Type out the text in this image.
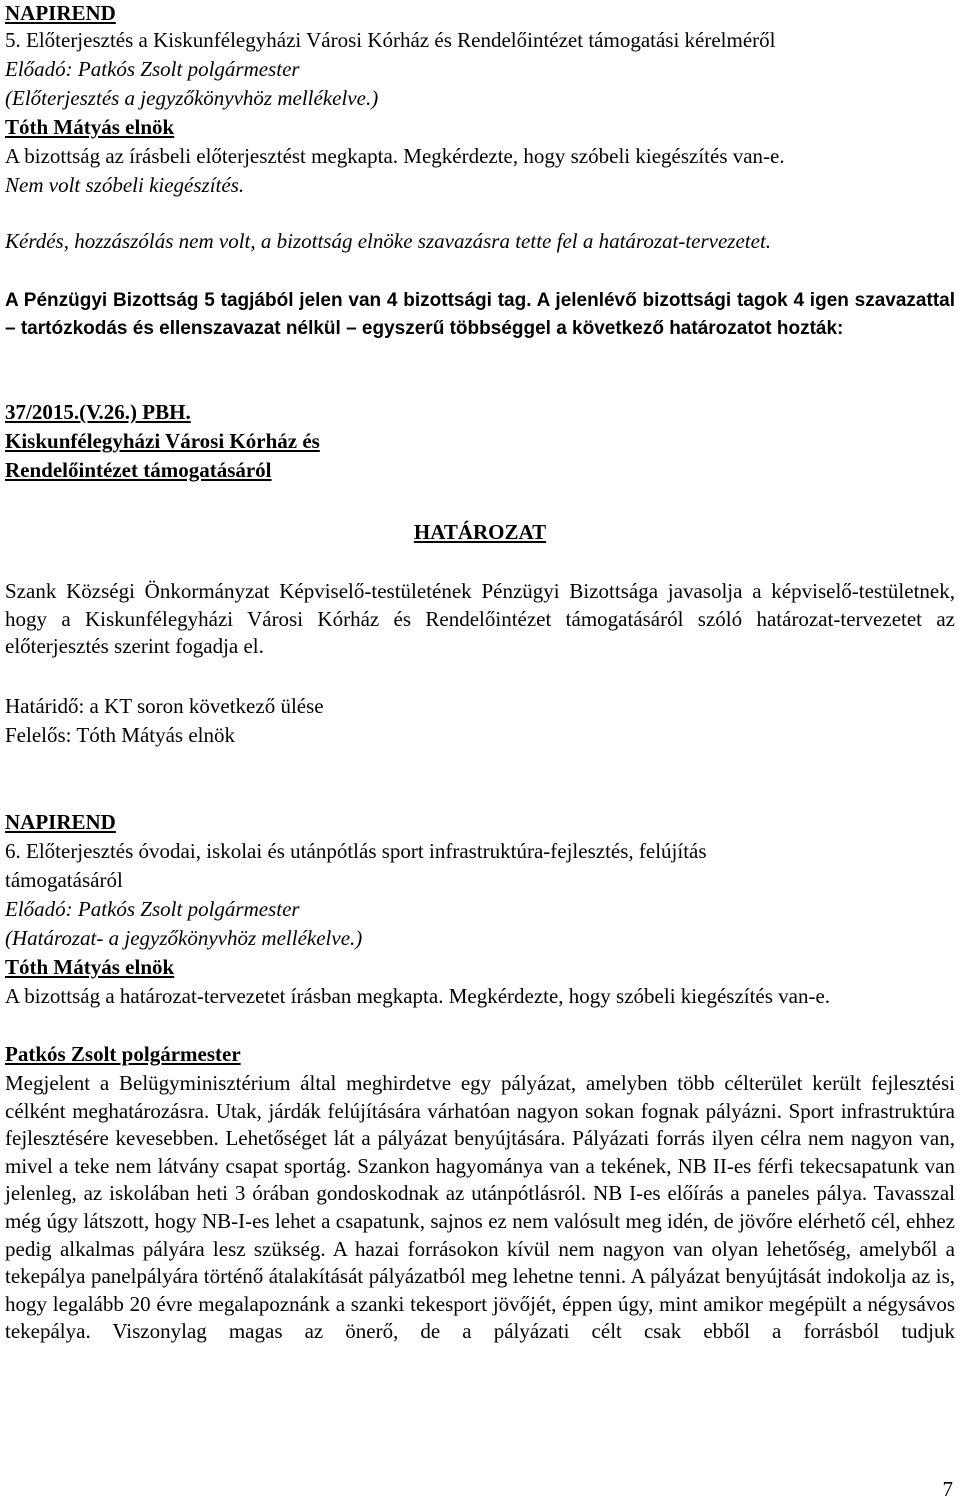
NAPIREND
5. Előterjesztés a Kiskunfélegyházi Városi Kórház és Rendelőintézet támogatási kérelméről
Előadó: Patkós Zsolt polgármester
(Előterjesztés a jegyzőkönyvhöz mellékelve.)
Tóth Mátyás elnök
A bizottság az írásbeli előterjesztést megkapta. Megkérdezte, hogy szóbeli kiegészítés van-e.
Nem volt szóbeli kiegészítés.
Kérdés, hozzászólás nem volt, a bizottság elnöke szavazásra tette fel a határozat-tervezetet.

A Pénzügyi Bizottság 5 tagjából jelen van 4 bizottsági tag. A jelenlévő bizottsági tagok 4 igen szavazattal – tartózkodás és ellenszavazat nélkül – egyszerű többséggel a következő határozatot hozták:

37/2015.(V.26.) PBH.
Kiskunfélegyházi Városi Kórház és
Rendelőintézet támogatásáról
HATÁROZAT

Szank Községi Önkormányzat Képviselő-testületének Pénzügyi Bizottsága javasolja a képviselő-testületnek, hogy a Kiskunfélegyházi Városi Kórház és Rendelőintézet támogatásáról szóló határozat-tervezetet az előterjesztés szerint fogadja el.

Határidő: a KT soron következő ülése
Felelős: Tóth Mátyás elnök
NAPIREND
6. Előterjesztés óvodai, iskolai és utánpótlás sport infrastruktúra-fejlesztés, felújítás
támogatásáról
Előadó: Patkós Zsolt polgármester
(Határozat- a jegyzőkönyvhöz mellékelve.)
Tóth Mátyás elnök

A bizottság a határozat-tervezetet írásban megkapta. Megkérdezte, hogy szóbeli kiegészítés van-e.

Patkós Zsolt polgármester

Megjelent a Belügyminisztérium által meghirdetve egy pályázat, amelyben több célterület került fejlesztési célként meghatározásra. Utak, járdák felújítására várhatóan nagyon sokan fognak pályázni. Sport infrastruktúra fejlesztésére kevesebben. Lehetőséget lát a pályázat benyújtására. Pályázati forrás ilyen célra nem nagyon van, mivel a teke nem látvány csapat sportág. Szankon hagyománya van a tekének, NB II-es férfi tekecsapatunk van jelenleg, az iskolában heti 3 órában gondoskodnak az utánpótlásról. NB I-es előírás a paneles pálya. Tavasszal még úgy látszott, hogy NB-I-es lehet a csapatunk, sajnos ez nem valósult meg idén, de jövőre elérhető cél, ehhez pedig alkalmas pályára lesz szükség. A hazai forrásokon kívül nem nagyon van olyan lehetőség, amelyből a tekepálya panelpályára történő átalakítását pályázatból meg lehetne tenni. A pályázat benyújtását indokolja az is, hogy legalább 20 évre megalapoznánk a szanki tekesport jövőjét, éppen úgy, mint amikor megépült a négysávos tekepálya. Viszonylag magas az önerő, de a pályázati célt csak ebből a forrásból tudjuk

7
